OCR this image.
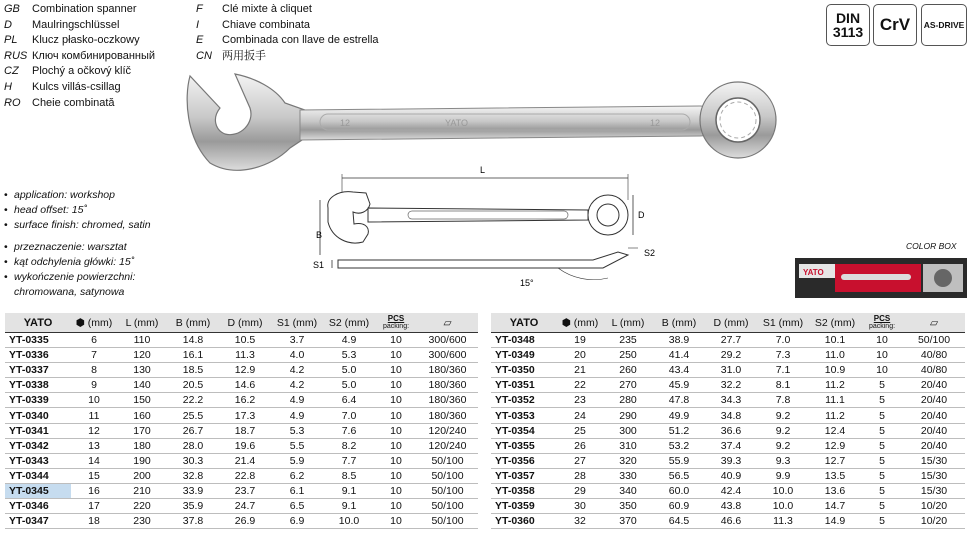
GB Combination spanner
D Maulringschlüssel
PL Klucz płasko-oczkowy
RUS Ключ комбинированный
CZ Plochý a očkový klíč
H Kulcs villás-csillag
RO Cheie combinată
F Clé mixte à cliquet
I Chiave combinata
E Combinada con llave de estrella
CN 两用扳手
DIN
3113 CrV AS-DRIVE
12	YATO	12
• application: workshop
• head offset: 15˚
• surface finish: chromed, satin
• przeznaczenie: warsztat
• kąt odchylenia główki: 15˚
• wykończenie powierzchni:
chromowana, satynowa
L
D
B
S1
S2
15°
COLOR BOX
YATO
YATO	⬢ (mm)	L (mm)	B (mm)	D (mm)	S1 (mm)	S2 (mm)	PCS
packing:	▱
YT-0335	6	110	14.8	10.5	3.7	4.9	10	300/600
YT-0336	7	120	16.1	11.3	4.0	5.3	10	300/600
YT-0337	8	130	18.5	12.9	4.2	5.0	10	180/360
YT-0338	9	140	20.5	14.6	4.2	5.0	10	180/360
YT-0339	10	150	22.2	16.2	4.9	6.4	10	180/360
YT-0340	11	160	25.5	17.3	4.9	7.0	10	180/360
YT-0341	12	170	26.7	18.7	5.3	7.6	10	120/240
YT-0342	13	180	28.0	19.6	5.5	8.2	10	120/240
YT-0343	14	190	30.3	21.4	5.9	7.7	10	50/100
YT-0344	15	200	32.8	22.8	6.2	8.5	10	50/100
YT-0345	16	210	33.9	23.7	6.1	9.1	10	50/100
YT-0346	17	220	35.9	24.7	6.5	9.1	10	50/100
YT-0347	18	230	37.8	26.9	6.9	10.0	10	50/100
YATO	⬢ (mm)	L (mm)	B (mm)	D (mm)	S1 (mm)	S2 (mm)	PCS
packing:	▱
YT-0348	19	235	38.9	27.7	7.0	10.1	10	50/100
YT-0349	20	250	41.4	29.2	7.3	11.0	10	40/80
YT-0350	21	260	43.4	31.0	7.1	10.9	10	40/80
YT-0351	22	270	45.9	32.2	8.1	11.2	5	20/40
YT-0352	23	280	47.8	34.3	7.8	11.1	5	20/40
YT-0353	24	290	49.9	34.8	9.2	11.2	5	20/40
YT-0354	25	300	51.2	36.6	9.2	12.4	5	20/40
YT-0355	26	310	53.2	37.4	9.2	12.9	5	20/40
YT-0356	27	320	55.9	39.3	9.3	12.7	5	15/30
YT-0357	28	330	56.5	40.9	9.9	13.5	5	15/30
YT-0358	29	340	60.0	42.4	10.0	13.6	5	15/30
YT-0359	30	350	60.9	43.8	10.0	14.7	5	10/20
YT-0360	32	370	64.5	46.6	11.3	14.9	5	10/20
